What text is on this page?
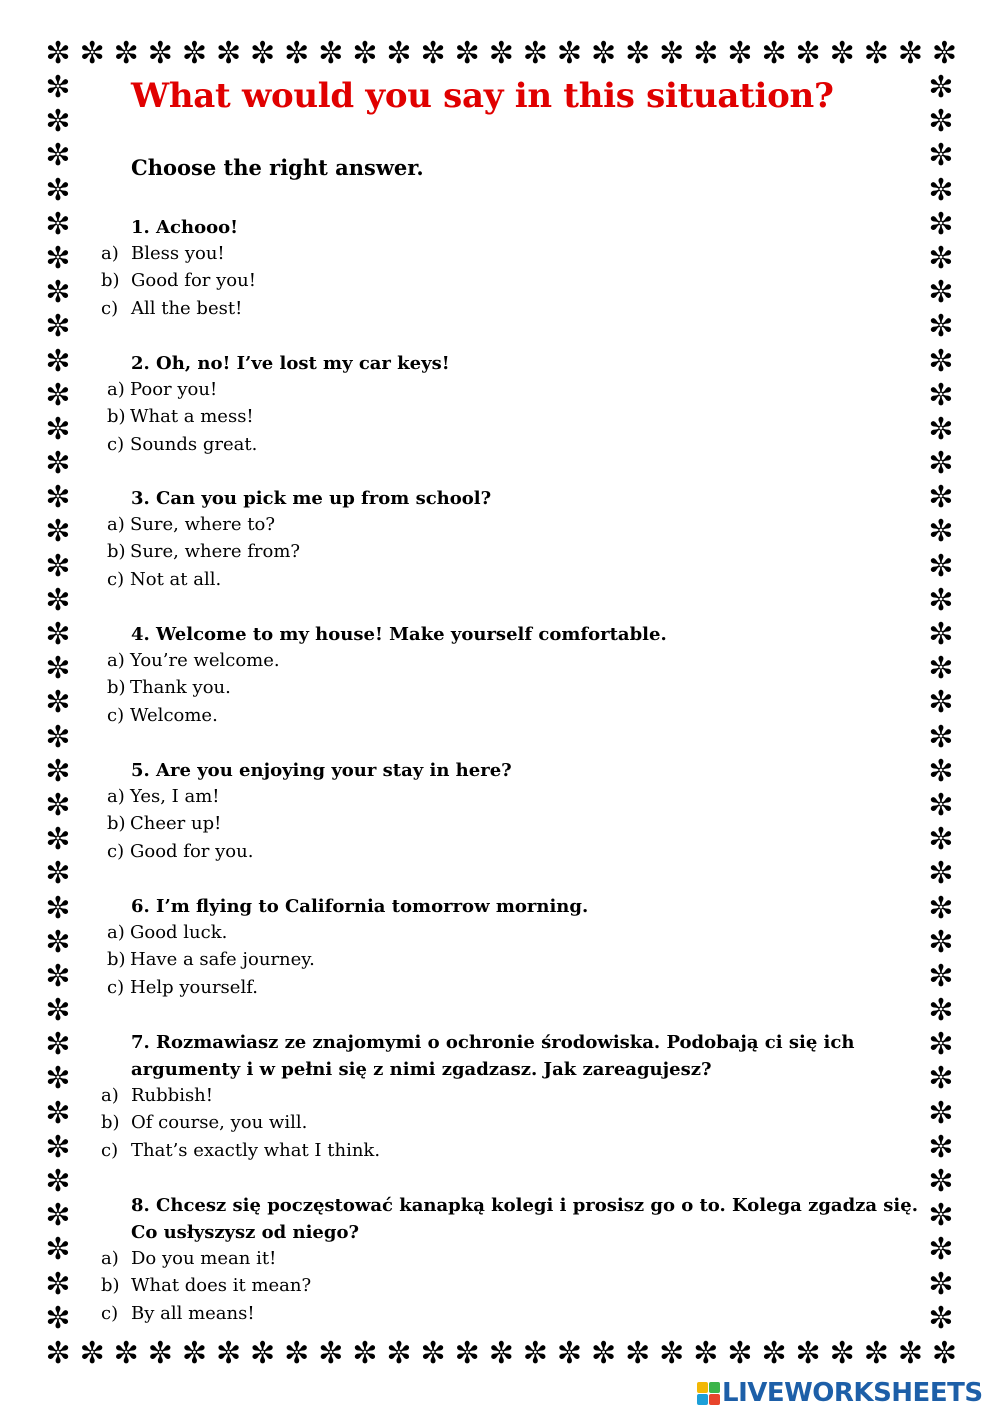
✼ ✼ ✼ ✼ ✼ ✼ ✼ ✼ ✼ ✼ ✼ ✼ ✼ ✼ ✼ ✼ ✼ ✼ ✼ ✼ ✼ ✼ ✼ ✼ ✼ ✼ ✼
✼ ✼ ✼ ✼ ✼ ✼ ✼ ✼ ✼ ✼ ✼ ✼ ✼ ✼ ✼ ✼ ✼ ✼ ✼ ✼ ✼ ✼ ✼ ✼ ✼ ✼ ✼
✼
✼
✼
✼
✼
✼
✼
✼
✼
✼
✼
✼
✼
✼
✼
✼
✼
✼
✼
✼
✼
✼
✼
✼
✼
✼
✼
✼
✼
✼
✼
✼
✼
✼
✼
✼
✼
✼
✼
✼
✼
✼
✼
✼
✼
✼
✼
✼
✼
✼
✼
✼
✼
✼
✼
✼
✼
✼
✼
✼
✼
✼
✼
✼
✼
✼
✼
✼
✼
✼
✼
✼
✼
✼
What would you say in this situation?
Choose the right answer.
1. Achooo!
a) Bless you!
b) Good for you!
c) All the best!
2. Oh, no! I’ve lost my car keys!
a) Poor you!
b) What a mess!
c) Sounds great.
3. Can you pick me up from school?
a) Sure, where to?
b) Sure, where from?
c) Not at all.
4. Welcome to my house! Make yourself comfortable.
a) You’re welcome.
b) Thank you.
c) Welcome.
5. Are you enjoying your stay in here?
a) Yes, I am!
b) Cheer up!
c) Good for you.
6. I’m flying to California tomorrow morning.
a) Good luck.
b) Have a safe journey.
c) Help yourself.
7. Rozmawiasz ze znajomymi o ochronie środowiska. Podobają ci się ich argumenty i w pełni się z nimi zgadzasz. Jak zareagujesz?
a) Rubbish!
b) Of course, you will.
c) That’s exactly what I think.
8. Chcesz się poczęstować kanapką kolegi i prosisz go o to. Kolega zgadza się. Co usłyszysz od niego?
a) Do you mean it!
b) What does it mean?
c) By all means!
LIVEWORKSHEETS
